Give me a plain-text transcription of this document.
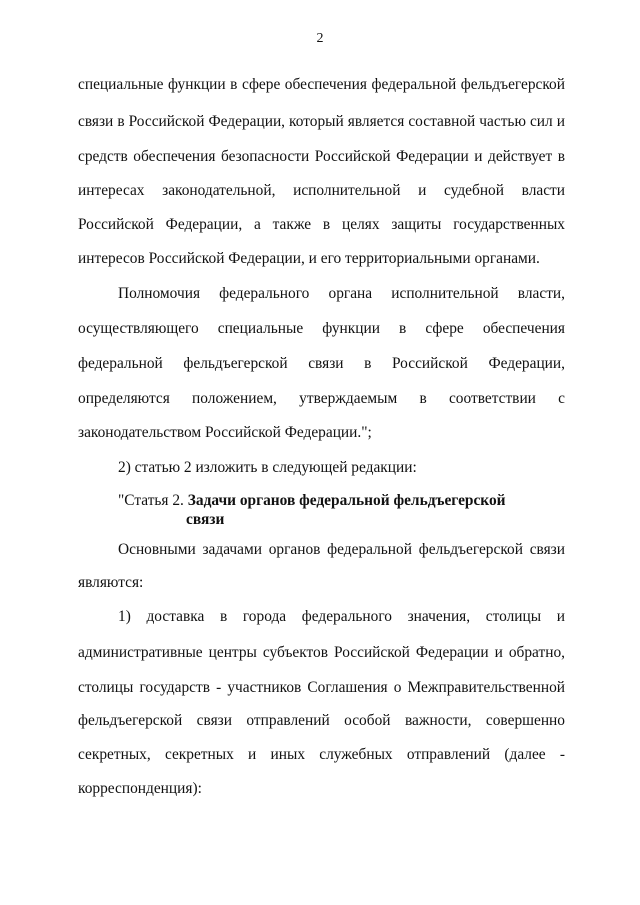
2
специальные функции в сфере обеспечения федеральной фельдъегерской
связи в Российской Федерации, который является составной частью сил и
средств обеспечения безопасности Российской Федерации и действует в
интересах законодательной, исполнительной и судебной власти
Российской Федерации, а также в целях защиты государственных
интересов Российской Федерации, и его территориальными органами.
Полномочия федерального органа исполнительной власти,
осуществляющего специальные функции в сфере обеспечения
федеральной фельдъегерской связи в Российской Федерации,
определяются положением, утверждаемым в соответствии с
законодательством Российской Федерации.";
2) статью 2 изложить в следующей редакции:
"Статья 2. Задачи органов федеральной фельдъегерской
связи
Основными задачами органов федеральной фельдъегерской связи
являются:
1) доставка в города федерального значения, столицы и
административные центры субъектов Российской Федерации и обратно,
столицы государств - участников Соглашения о Межправительственной
фельдъегерской связи отправлений особой важности, совершенно
секретных, секретных и иных служебных отправлений (далее -
корреспонденция):
